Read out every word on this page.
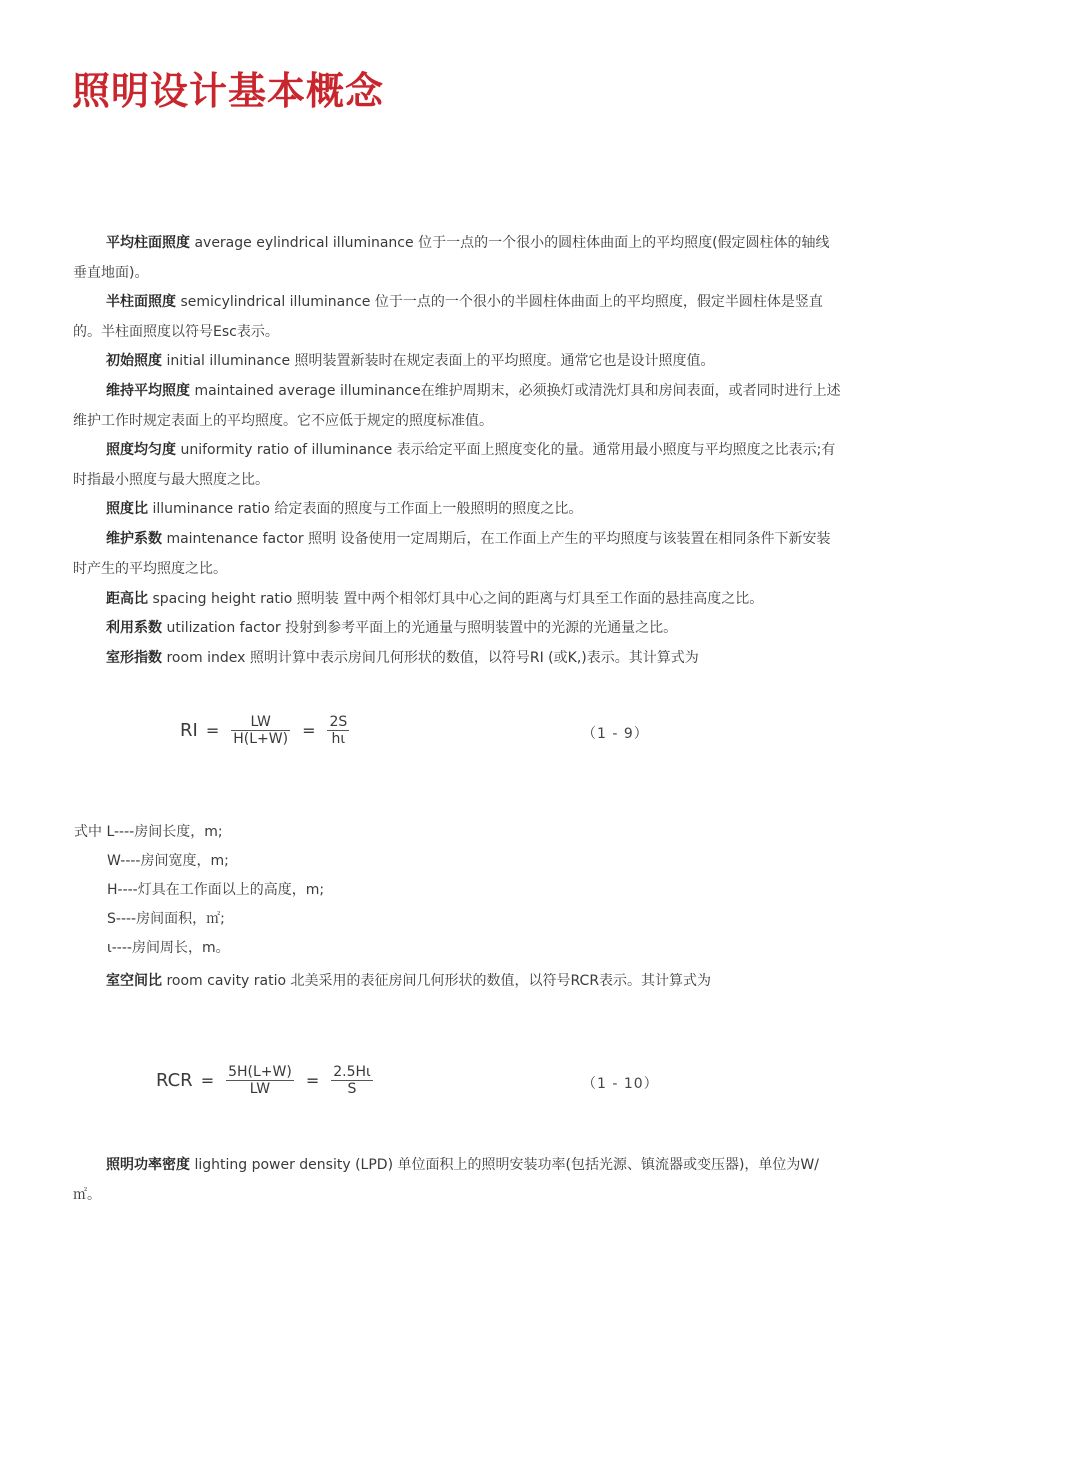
照明设计基本概念

平均柱面照度 average eylindrical illuminance 位于一点的一个很小的圆柱体曲面上的平均照度(假定圆柱体的轴线垂直地面)。

半柱面照度 semicylindrical illuminance 位于一点的一个很小的半圆柱体曲面上的平均照度，假定半圆柱体是竖直的。半柱面照度以符号Esc表示。

初始照度 initial illuminance 照明装置新装时在规定表面上的平均照度。通常它也是设计照度值。

维持平均照度 maintained average illuminance在维护周期末，必须换灯或清洗灯具和房间表面，或者同时进行上述维护工作时规定表面上的平均照度。它不应低于规定的照度标准值。

照度均匀度 uniformity ratio of illuminance 表示给定平面上照度变化的量。通常用最小照度与平均照度之比表示;有时指最小照度与最大照度之比。

照度比 illuminance ratio 给定表面的照度与工作面上一般照明的照度之比。

维护系数 maintenance factor 照明 设备使用一定周期后，在工作面上产生的平均照度与该装置在相同条件下新安装时产生的平均照度之比。

距高比 spacing height ratio 照明装 置中两个相邻灯具中心之间的距离与灯具至工作面的悬挂高度之比。

利用系数 utilization factor 投射到参考平面上的光通量与照明装置中的光源的光通量之比。

室形指数 room index 照明计算中表示房间几何形状的数值，以符号RI (或K,)表示。其计算式为

RI = $\frac{LW}{H(L+W)} = \frac{2S}{h\iota}$	（1 - 9）
式中 L----房间长度，m;
W----房间宽度，m;
H----灯具在工作面以上的高度，m;
S----房间面积，㎡;
ι----房间周长，m。

室空间比 room cavity ratio 北美采用的表征房间几何形状的数值，以符号RCR表示。其计算式为

RCR = $\frac{5H(L+W)}{LW} = \frac{2.5H\iota}{S}$	（1 - 10）

照明功率密度 lighting power density (LPD) 单位面积上的照明安装功率(包括光源、镇流器或变压器)，单位为W/㎡。
